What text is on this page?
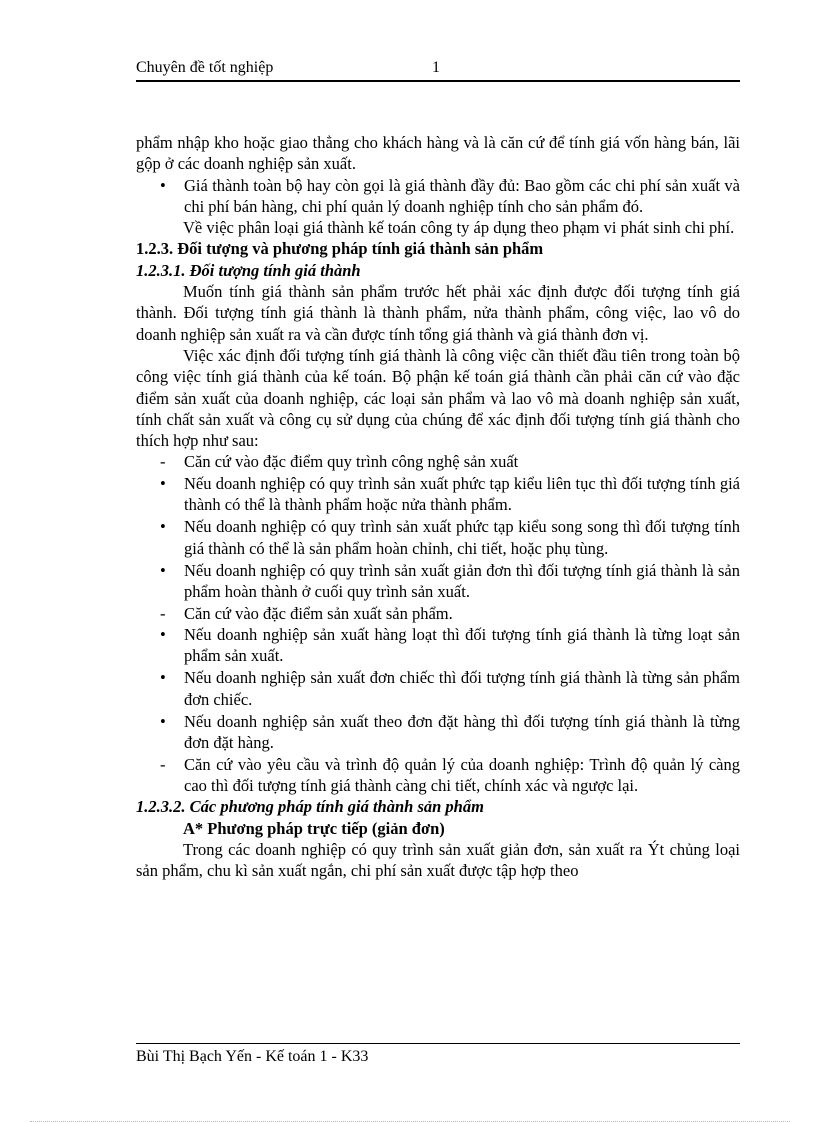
Chuyên đề tốt nghiệp	1

phẩm nhập kho hoặc giao thẳng cho khách hàng và là căn cứ để tính giá vốn hàng bán, lãi gộp ở các doanh nghiệp sản xuất.

• Giá thành toàn bộ hay còn gọi là giá thành đầy đủ: Bao gồm các chi phí sản xuất và chi phí bán hàng, chi phí quản lý doanh nghiệp tính cho sản phẩm đó.

Về việc phân loại giá thành kế toán công ty áp dụng theo phạm vi phát sinh chi phí.

1.2.3. Đối tượng và phương pháp tính giá thành sản phẩm

1.2.3.1. Đối tượng tính giá thành

Muốn tính giá thành sản phẩm trước hết phải xác định được đối tượng tính giá thành. Đối tượng tính giá thành là thành phẩm, nửa thành phẩm, công việc, lao vô do doanh nghiệp sản xuất ra và cần được tính tổng giá thành và giá thành đơn vị.

Việc xác định đối tượng tính giá thành là công việc cần thiết đầu tiên trong toàn bộ công việc tính giá thành của kế toán. Bộ phận kế toán giá thành cần phải căn cứ vào đặc điểm sản xuất của doanh nghiệp, các loại sản phẩm và lao vô mà doanh nghiệp sản xuất, tính chất sản xuất và công cụ sử dụng của chúng để xác định đối tượng tính giá thành cho thích hợp như sau:

- Căn cứ vào đặc điểm quy trình công nghệ sản xuất
• Nếu doanh nghiệp có quy trình sản xuất phức tạp kiểu liên tục thì đối tượng tính giá thành có thể là thành phẩm hoặc nửa thành phẩm.
• Nếu doanh nghiệp có quy trình sản xuất phức tạp kiểu song song thì đối tượng tính giá thành có thể là sản phẩm hoàn chỉnh, chi tiết, hoặc phụ tùng.
• Nếu doanh nghiệp có quy trình sản xuất giản đơn thì đối tượng tính giá thành là sản phẩm hoàn thành ở cuối quy trình sản xuất.
- Căn cứ vào đặc điểm sản xuất sản phẩm.
• Nếu doanh nghiệp sản xuất hàng loạt thì đối tượng tính giá thành là từng loạt sản phẩm sản xuất.
• Nếu doanh nghiệp sản xuất đơn chiếc thì đối tượng tính giá thành là từng sản phẩm đơn chiếc.
• Nếu doanh nghiệp sản xuất theo đơn đặt hàng thì đối tượng tính giá thành là từng đơn đặt hàng.
- Căn cứ vào yêu cầu và trình độ quản lý của doanh nghiệp: Trình độ quản lý càng cao thì đối tượng tính giá thành càng chi tiết, chính xác và ngược lại.

1.2.3.2. Các phương pháp tính giá thành sản phẩm

A* Phương pháp trực tiếp (giản đơn)

Trong các doanh nghiệp có quy trình sản xuất giản đơn, sản xuất ra Ýt chủng loại sản phẩm, chu kì sản xuất ngắn, chi phí sản xuất được tập hợp theo

Bùi Thị Bạch Yến - Kế toán 1 - K33
